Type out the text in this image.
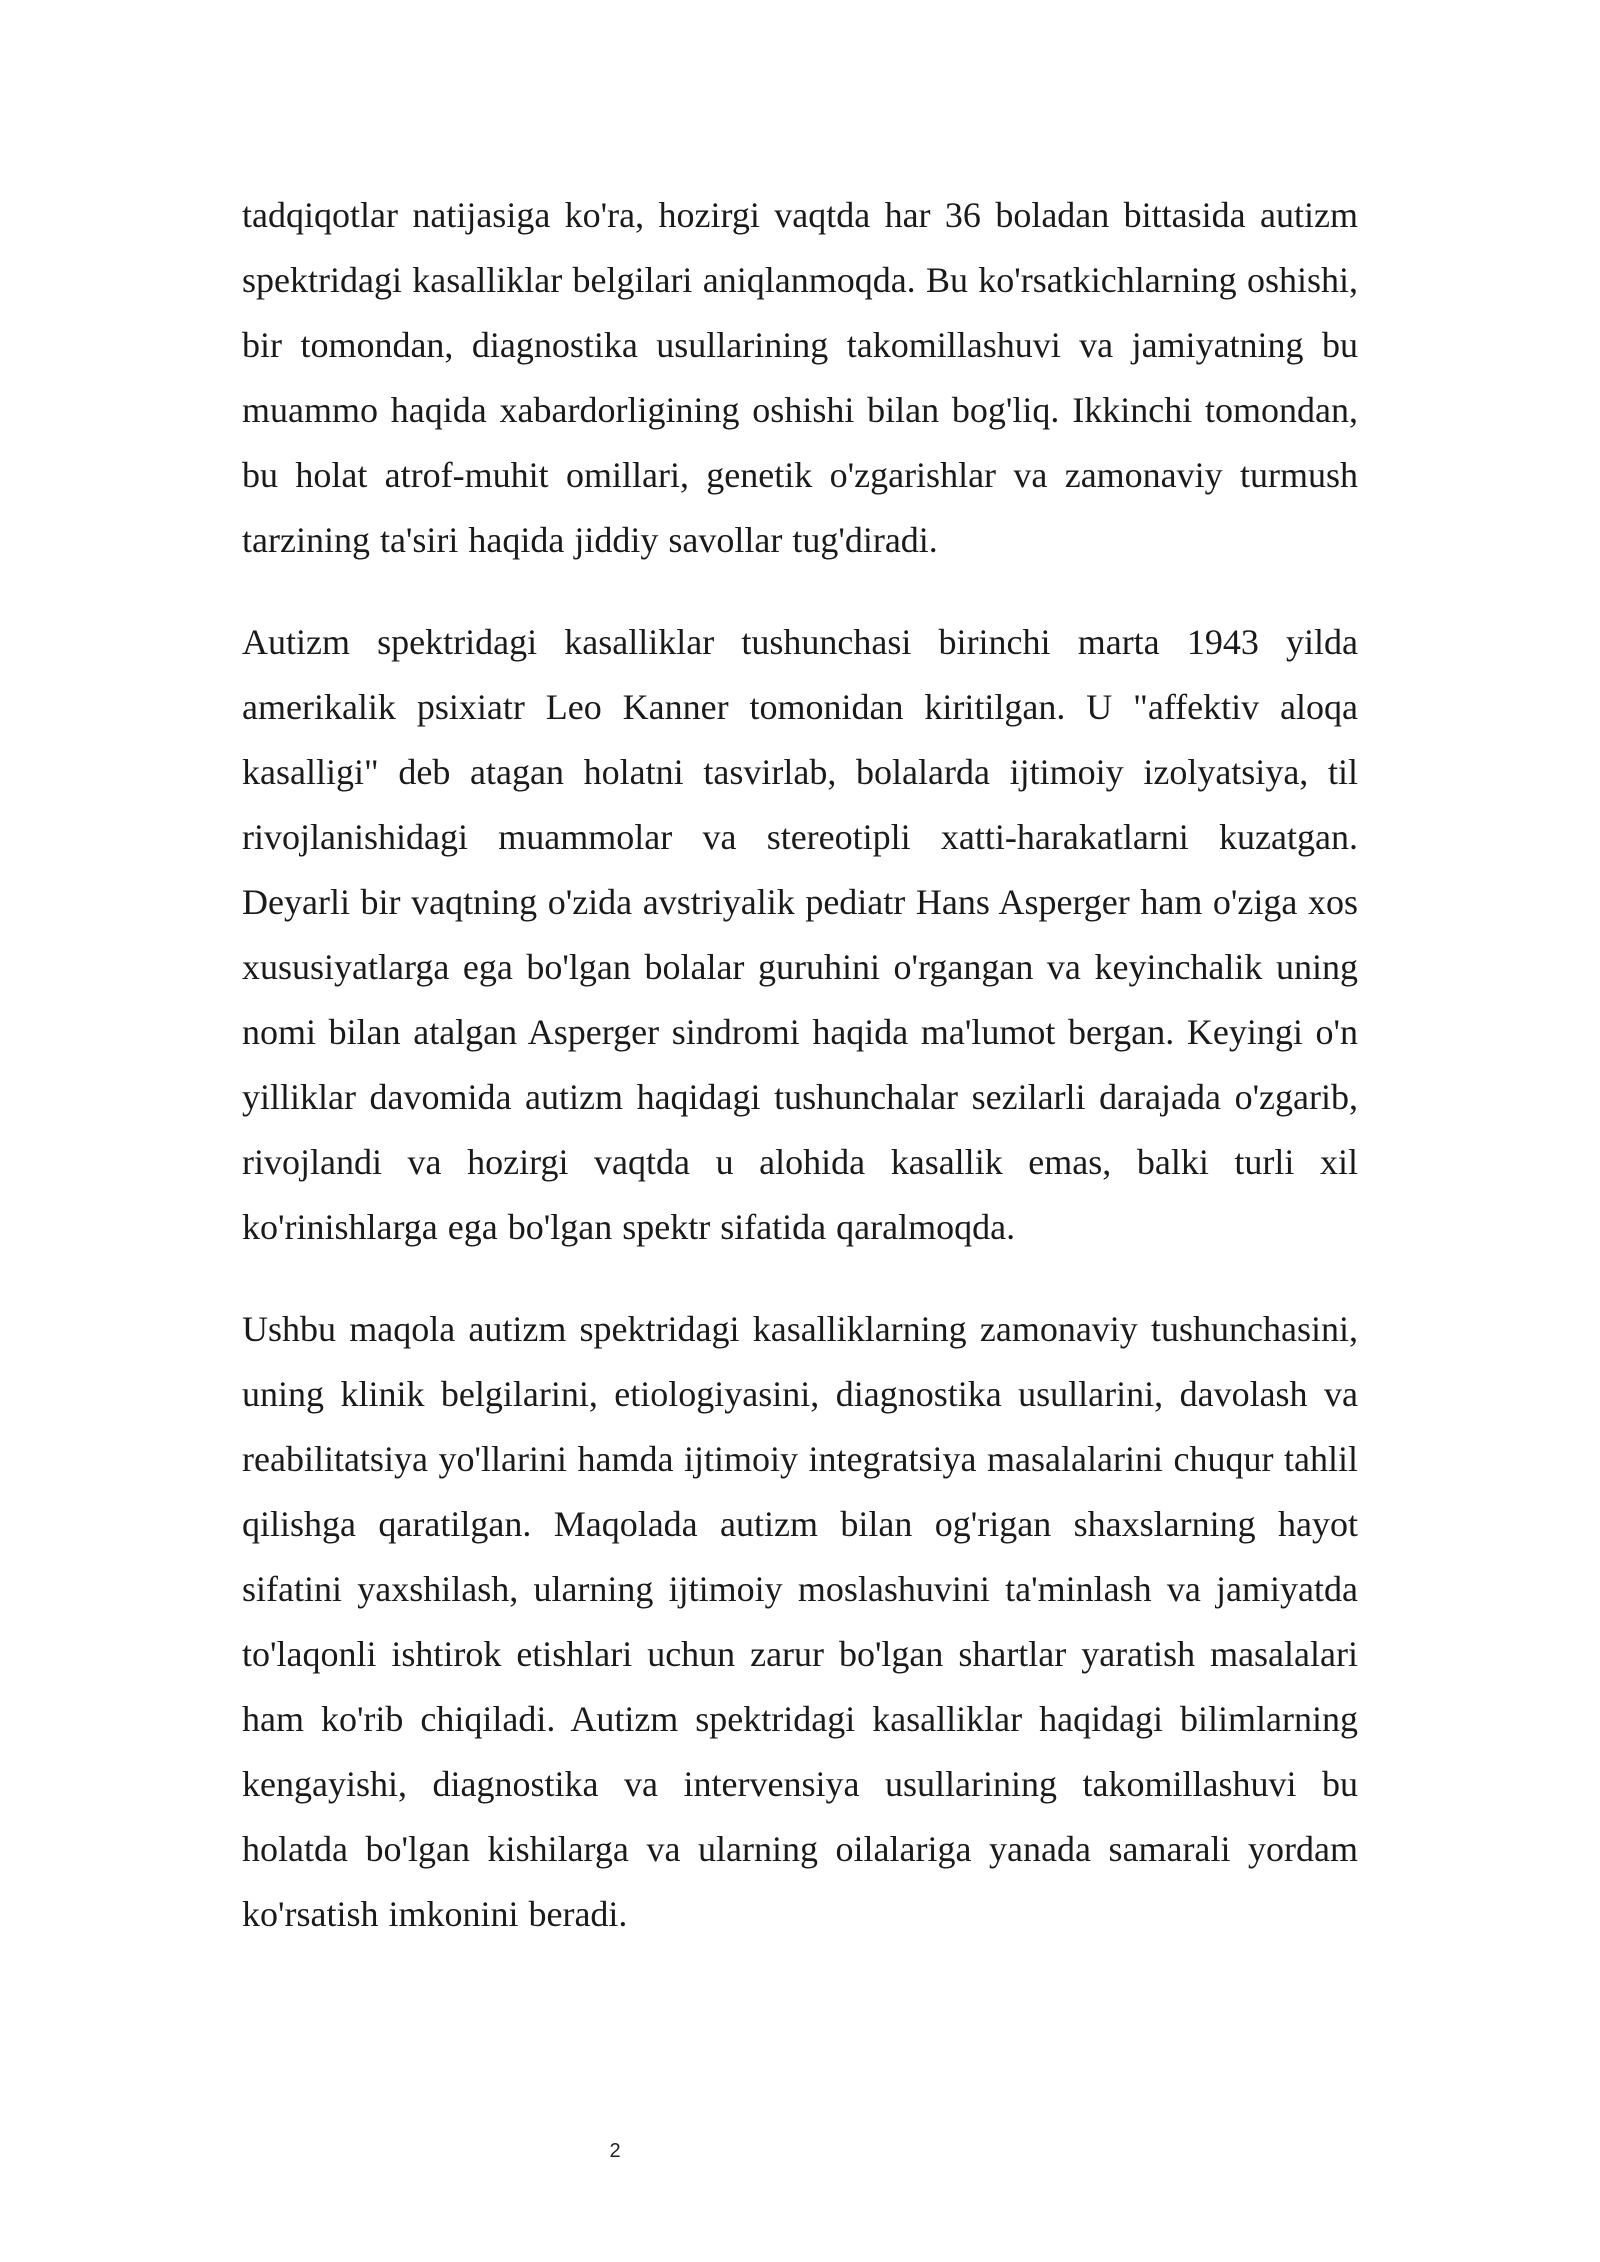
tadqiqotlar natijasiga ko'ra, hozirgi vaqtda har 36 boladan bittasida autizm spektridagi kasalliklar belgilari aniqlanmoqda. Bu ko'rsatkichlarning oshishi, bir tomondan, diagnostika usullarining takomillashuvi va jamiyatning bu muammo haqida xabardorligining oshishi bilan bog'liq. Ikkinchi tomondan, bu holat atrof-muhit omillari, genetik o'zgarishlar va zamonaviy turmush tarzining ta'siri haqida jiddiy savollar tug'diradi.

Autizm spektridagi kasalliklar tushunchasi birinchi marta 1943 yilda amerikalik psixiatr Leo Kanner tomonidan kiritilgan. U "affektiv aloqa kasalligi" deb atagan holatni tasvirlab, bolalarda ijtimoiy izolyatsiya, til rivojlanishidagi muammolar va stereotipli xatti-harakatlarni kuzatgan. Deyarli bir vaqtning o'zida avstriyalik pediatr Hans Asperger ham o'ziga xos xususiyatlarga ega bo'lgan bolalar guruhini o'rgangan va keyinchalik uning nomi bilan atalgan Asperger sindromi haqida ma'lumot bergan. Keyingi o'n yilliklar davomida autizm haqidagi tushunchalar sezilarli darajada o'zgarib, rivojlandi va hozirgi vaqtda u alohida kasallik emas, balki turli xil ko'rinishlarga ega bo'lgan spektr sifatida qaralmoqda.

Ushbu maqola autizm spektridagi kasalliklarning zamonaviy tushunchasini, uning klinik belgilarini, etiologiyasini, diagnostika usullarini, davolash va reabilitatsiya yo'llarini hamda ijtimoiy integratsiya masalalarini chuqur tahlil qilishga qaratilgan. Maqolada autizm bilan og'rigan shaxslarning hayot sifatini yaxshilash, ularning ijtimoiy moslashuvini ta'minlash va jamiyatda to'laqonli ishtirok etishlari uchun zarur bo'lgan shartlar yaratish masalalari ham ko'rib chiqiladi. Autizm spektridagi kasalliklar haqidagi bilimlarning kengayishi, diagnostika va intervensiya usullarining takomillashuvi bu holatda bo'lgan kishilarga va ularning oilalariga yanada samarali yordam ko'rsatish imkonini beradi.

2
